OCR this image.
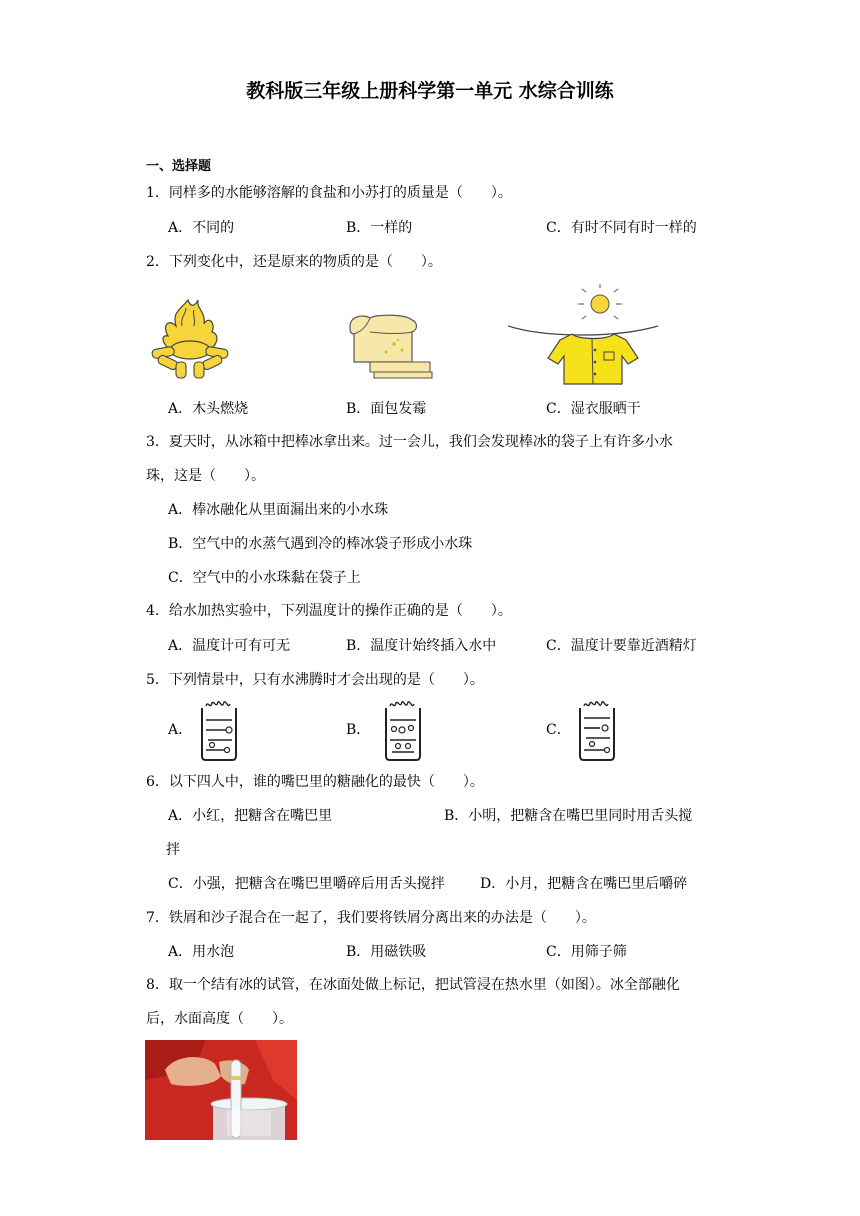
教科版三年级上册科学第一单元 水综合训练
一、选择题
1．同样多的水能够溶解的食盐和小苏打的质量是（　　）。
A．不同的	B．一样的	C．有时不同有时一样的
2．下列变化中，还是原来的物质的是（　　）。
A．木头燃烧	B．面包发霉	C．湿衣服晒干
3．夏天时，从冰箱中把棒冰拿出来。过一会儿，我们会发现棒冰的袋子上有许多小水
珠，这是（　　）。
A．棒冰融化从里面漏出来的小水珠
B．空气中的水蒸气遇到冷的棒冰袋子形成小水珠
C．空气中的小水珠黏在袋子上
4．给水加热实验中，下列温度计的操作正确的是（　　）。
A．温度计可有可无	B．温度计始终插入水中	C．温度计要靠近酒精灯
5．下列情景中，只有水沸腾时才会出现的是（　　）。
A．	B．	C．
6．以下四人中，谁的嘴巴里的糖融化的最快（　　）。
A．小红，把糖含在嘴巴里	B．小明，把糖含在嘴巴里同时用舌头搅
拌
C．小强，把糖含在嘴巴里嚼碎后用舌头搅拌	D．小月，把糖含在嘴巴里后嚼碎
7．铁屑和沙子混合在一起了，我们要将铁屑分离出来的办法是（　　）。
A．用水泡	B．用磁铁吸	C．用筛子筛
8．取一个结有冰的试管，在冰面处做上标记，把试管浸在热水里（如图）。冰全部融化
后，水面高度（　　）。
